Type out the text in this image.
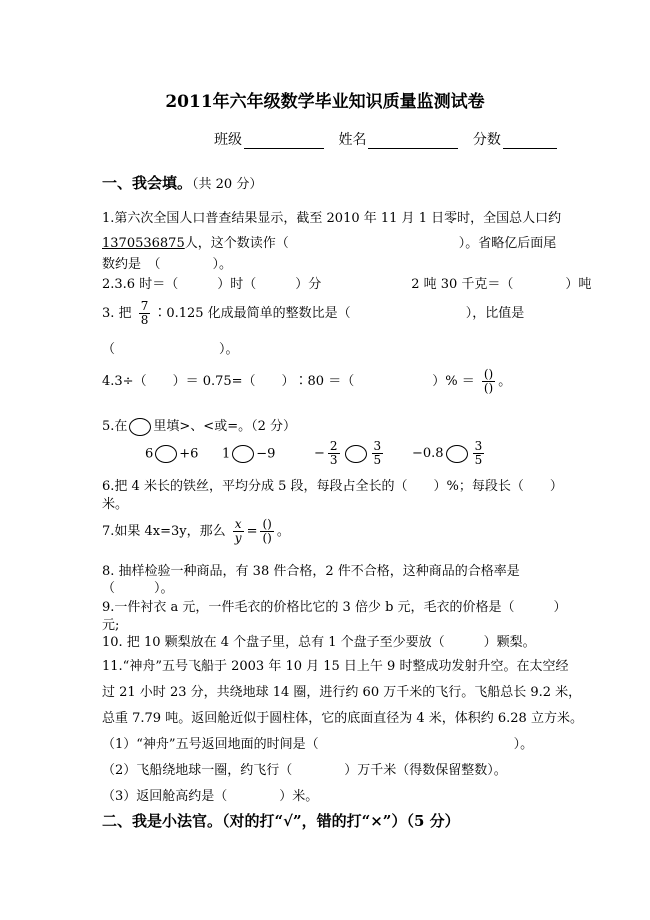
2011年六年级数学毕业知识质量监测试卷
班级	姓名	分数
一、我会填。（共 20 分）
1.第六次全国人口普查结果显示，截至 2010 年 11 月 1 日零时，全国总人口约
1370536875人，这个数读作（	）。省略亿后面尾
数约是　（　　　　）。
2.3.6 时＝（　　　）时（　　　）分	2 吨 30 千克＝（　　　　）吨
3. 把 $\frac{7}{8}$ ∶0.125 化成最简单的整数比是（	），比值是
（　　　　　　　　）。
4.3÷（　　）＝ 0.75=（　　）∶80 ＝（　　　　　　）% ＝ $\frac{()}{()}$ 。
5.在 里填>、<或=。（2 分）
6 +6 1 −9	− $\frac{2}{3}$	$\frac{3}{5} -0.8 \frac{3}{5}$
6.把 4 米长的铁丝，平均分成 5 段，每段占全长的（　　）%；每段长（　　）
米。
7.如果 4x=3y，那么 $\frac{x}{y} = \frac{()}{()}$ 。
8. 抽样检验一种商品，有 38 件合格，2 件不合格，这种商品的合格率是
（　　　）。
9.一件衬衣 a 元，一件毛衣的价格比它的 3 倍少 b 元，毛衣的价格是（　　　）
元;
10. 把 10 颗梨放在 4 个盘子里，总有 1 个盘子至少要放（　　　）颗梨。
11.“神舟”五号飞船于 2003 年 10 月 15 日上午 9 时整成功发射升空。在太空经
过 21 小时 23 分，共绕地球 14 圈，进行约 60 万千米的飞行。飞船总长 9.2 米，
总重 7.79 吨。返回舱近似于圆柱体，它的底面直径为 4 米，体积约 6.28 立方米。
（1）“神舟”五号返回地面的时间是（	）。
（2）飞船绕地球一圈，约飞行（　　　　）万千米（得数保留整数）。
（3）返回舱高约是（　　　　）米。
二、我是小法官。（对的打“√”，错的打“×”）（5 分）
